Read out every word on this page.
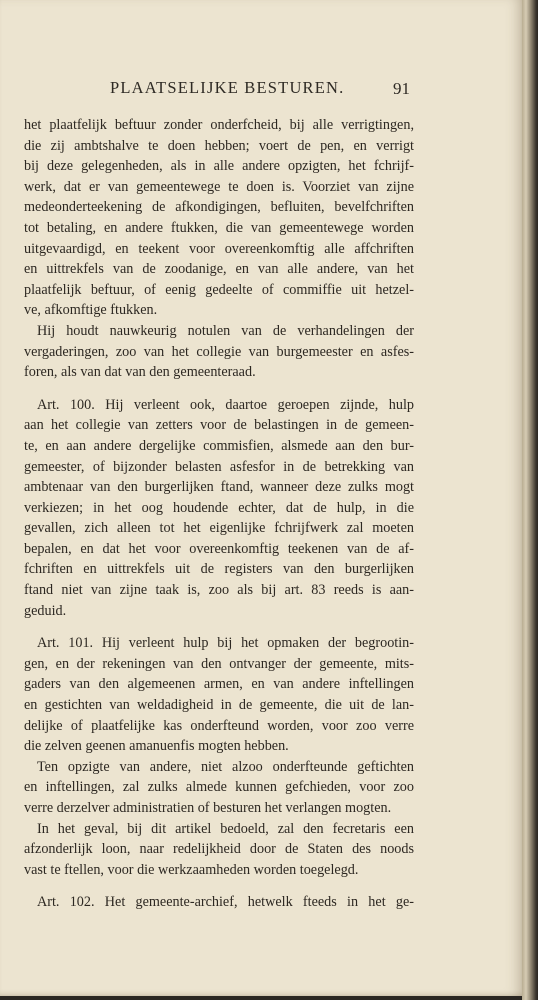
PLAATSELIJKE BESTUREN.	91
het plaatfelijk beftuur zonder onderfcheid, bij alle verrigtingen,
die zij ambtshalve te doen hebben; voert de pen, en verrigt
bij deze gelegenheden, als in alle andere opzigten, het fchrijf-
werk, dat er van gemeentewege te doen is. Voorziet van zijne
medeonderteekening de afkondigingen, befluiten, bevelfchriften
tot betaling, en andere ftukken, die van gemeentewege worden
uitgevaardigd, en teekent voor overeenkomftig alle affchriften
en uittrekfels van de zoodanige, en van alle andere, van het
plaatfelijk beftuur, of eenig gedeelte of commiffie uit hetzel-
ve, afkomftige ftukken.
Hij houdt nauwkeurig notulen van de verhandelingen der
vergaderingen, zoo van het collegie van burgemeester en asfes-
foren, als van dat van den gemeenteraad.
Art. 100. Hij verleent ook, daartoe geroepen zijnde, hulp
aan het collegie van zetters voor de belastingen in de gemeen-
te, en aan andere dergelijke commisfien, alsmede aan den bur-
gemeester, of bijzonder belasten asfesfor in de betrekking van
ambtenaar van den burgerlijken ftand, wanneer deze zulks mogt
verkiezen; in het oog houdende echter, dat de hulp, in die
gevallen, zich alleen tot het eigenlijke fchrijfwerk zal moeten
bepalen, en dat het voor overeenkomftig teekenen van de af-
fchriften en uittrekfels uit de registers van den burgerlijken
ftand niet van zijne taak is, zoo als bij art. 83 reeds is aan-
geduid.
Art. 101. Hij verleent hulp bij het opmaken der begrootin-
gen, en der rekeningen van den ontvanger der gemeente, mits-
gaders van den algemeenen armen, en van andere inftellingen
en gestichten van weldadigheid in de gemeente, die uit de lan-
delijke of plaatfelijke kas onderfteund worden, voor zoo verre
die zelven geenen amanuenfis mogten hebben.
Ten opzigte van andere, niet alzoo onderfteunde geftichten
en inftellingen, zal zulks almede kunnen gefchieden, voor zoo
verre derzelver administratien of besturen het verlangen mogten.
In het geval, bij dit artikel bedoeld, zal den fecretaris een
afzonderlijk loon, naar redelijkheid door de Staten des noods
vast te ftellen, voor die werkzaamheden worden toegelegd.
Art. 102. Het gemeente-archief, hetwelk fteeds in het ge-
